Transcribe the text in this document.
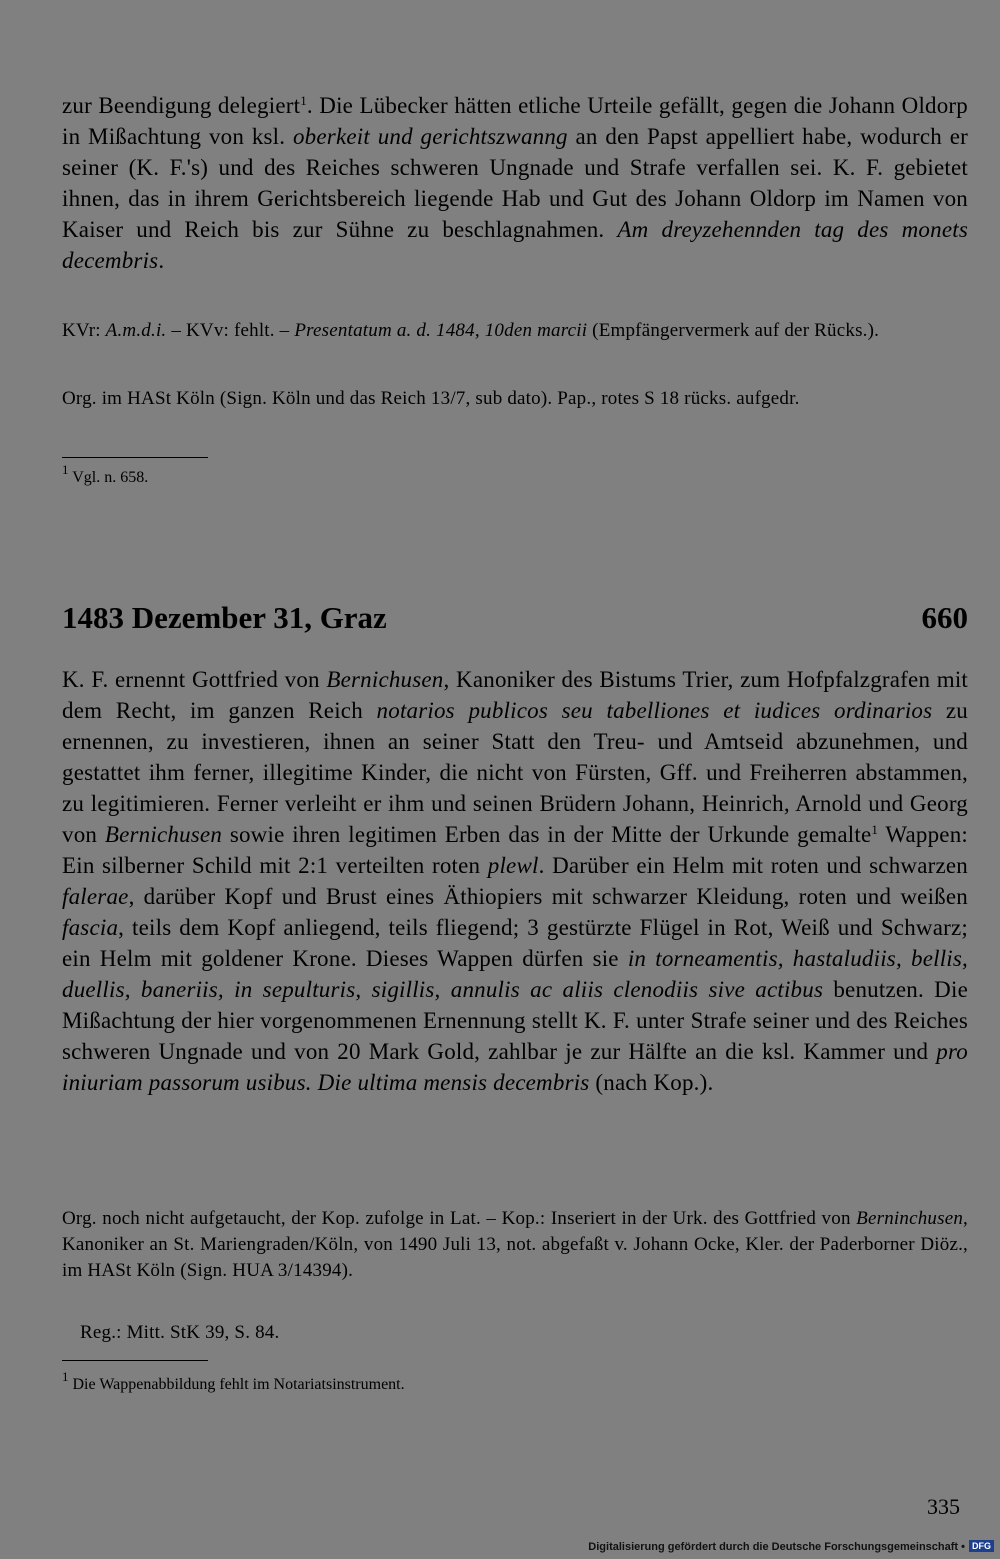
zur Beendigung delegiert$^1$. Die Lübecker hätten etliche Urteile gefällt, gegen die Johann Oldorp in Mißachtung von ksl. oberkeit und gerichtszwanng an den Papst appelliert habe, wodurch er seiner (K. F.'s) und des Reiches schweren Ungnade und Strafe verfallen sei. K. F. gebietet ihnen, das in ihrem Gerichtsbereich liegende Hab und Gut des Johann Oldorp im Namen von Kaiser und Reich bis zur Sühne zu beschlagnahmen. Am dreyzehennden tag des monets decembris.

KVr: A.m.d.i. – KVv: fehlt. – Presentatum a. d. 1484, 10den marcii (Empfängervermerk auf der Rücks.).

Org. im HASt Köln (Sign. Köln und das Reich 13/7, sub dato). Pap., rotes S 18 rücks. aufgedr.

$^1$ Vgl. n. 658.
1483 Dezember 31, Graz	660

K. F. ernennt Gottfried von Bernichusen, Kanoniker des Bistums Trier, zum Hofpfalzgrafen mit dem Recht, im ganzen Reich notarios publicos seu tabelliones et iudices ordinarios zu ernennen, zu investieren, ihnen an seiner Statt den Treu- und Amtseid abzunehmen, und gestattet ihm ferner, illegitime Kinder, die nicht von Fürsten, Gff. und Freiherren abstammen, zu legitimieren. Ferner verleiht er ihm und seinen Brüdern Johann, Heinrich, Arnold und Georg von Bernichusen sowie ihren legitimen Erben das in der Mitte der Urkunde gemalte$^1$ Wappen: Ein silberner Schild mit 2:1 verteilten roten plewl. Darüber ein Helm mit roten und schwarzen falerae, darüber Kopf und Brust eines Äthiopiers mit schwarzer Kleidung, roten und weißen fascia, teils dem Kopf anliegend, teils fliegend; 3 gestürzte Flügel in Rot, Weiß und Schwarz; ein Helm mit goldener Krone. Dieses Wappen dürfen sie in torneamentis, hastaludiis, bellis, duellis, baneriis, in sepulturis, sigillis, annulis ac aliis clenodiis sive actibus benutzen. Die Mißachtung der hier vorgenommenen Ernennung stellt K. F. unter Strafe seiner und des Reiches schweren Ungnade und von 20 Mark Gold, zahlbar je zur Hälfte an die ksl. Kammer und pro iniuriam passorum usibus. Die ultima mensis decembris (nach Kop.).

Org. noch nicht aufgetaucht, der Kop. zufolge in Lat. – Kop.: Inseriert in der Urk. des Gottfried von Berninchusen, Kanoniker an St. Mariengraden/Köln, von 1490 Juli 13, not. abgefaßt v. Johann Ocke, Kler. der Paderborner Diöz., im HASt Köln (Sign. HUA 3/14394).

Reg.: Mitt. StK 39, S. 84.

$^1$ Die Wappenabbildung fehlt im Notariatsinstrument.
335
Digitalisierung gefördert durch die Deutsche Forschungsgemeinschaft • DFG
